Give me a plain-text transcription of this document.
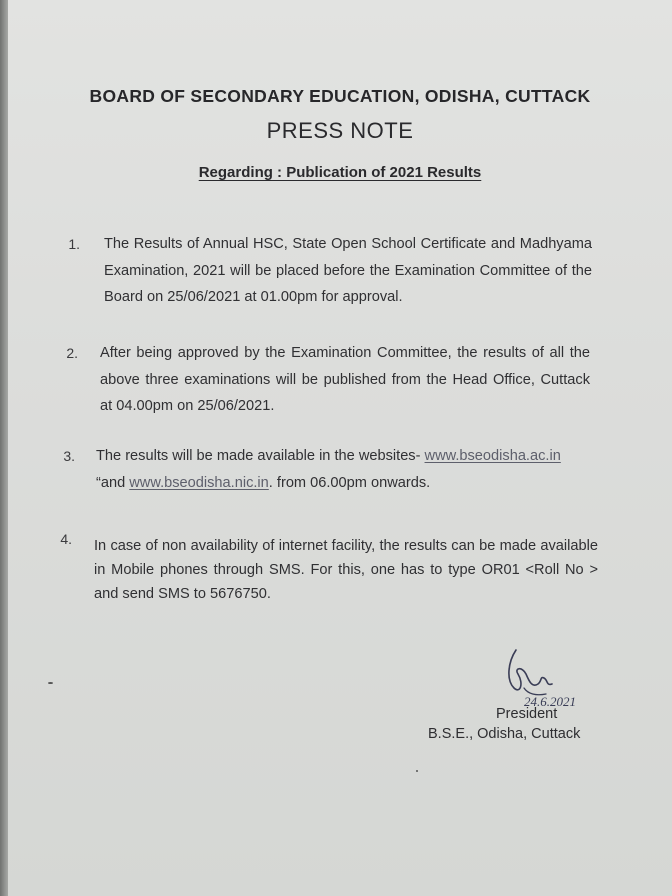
BOARD OF SECONDARY EDUCATION, ODISHA, CUTTACK
PRESS NOTE
Regarding : Publication of 2021 Results
1. The Results of Annual HSC, State Open School Certificate and Madhyama Examination, 2021 will be placed before the Examination Committee of the Board on 25/06/2021 at 01.00pm for approval.
2. After being approved by the Examination Committee, the results of all the above three examinations will be published from the Head Office, Cuttack at 04.00pm on 25/06/2021.
3. The results will be made available in the websites- www.bseodisha.ac.in
“and www.bseodisha.nic.in. from 06.00pm onwards.
4. In case of non availability of internet facility, the results can be made available in Mobile phones through SMS. For this, one has to type OR01 <Roll No > and send SMS to 5676750.
24.6.2021
President
B.S.E., Odisha, Cuttack
